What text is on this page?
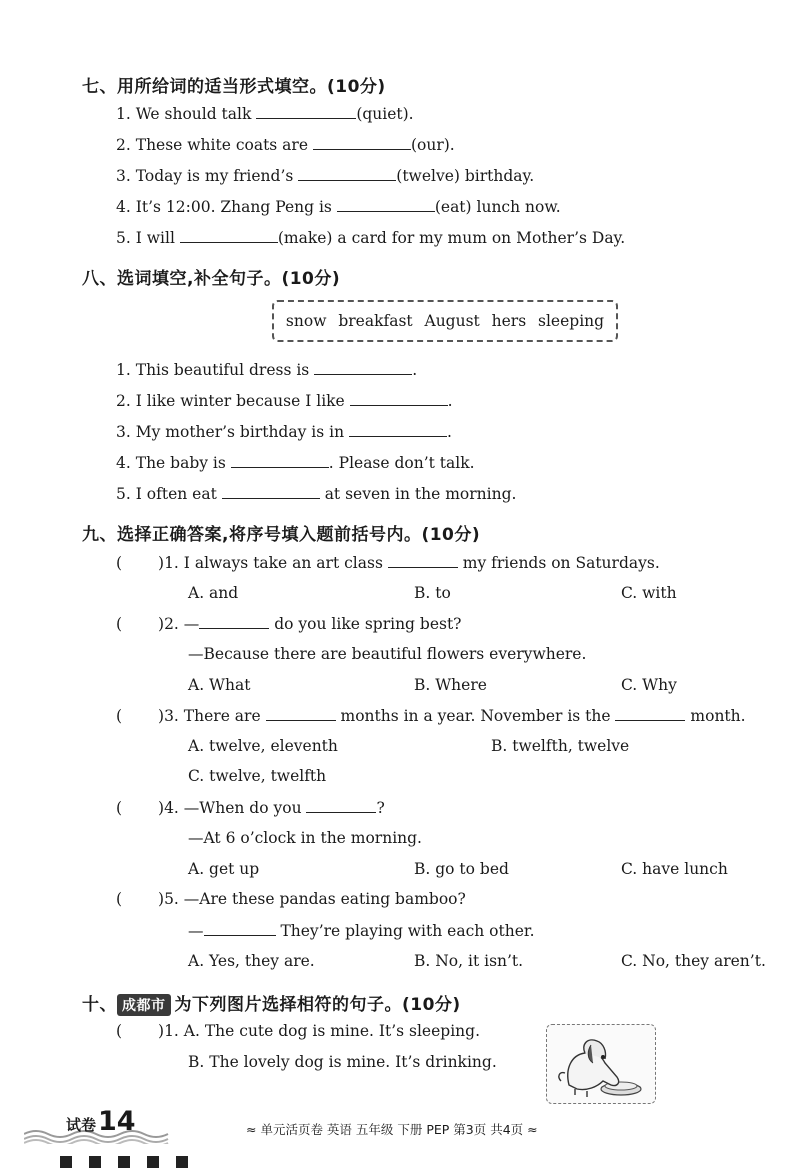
七、用所给词的适当形式填空。(10分)
1. We should talk	(quiet).
2. These white coats are	(our).
3. Today is my friend’s	(twelve) birthday.
4. It’s 12:00. Zhang Peng is	(eat) lunch now.
5. I will	(make) a card for my mum on Mother’s Day.
八、选词填空,补全句子。(10分)
snow breakfast August hers sleeping
1. This beautiful dress is	.
2. I like winter because I like	.
3. My mother’s birthday is in	.
4. The baby is	. Please don’t talk.
5. I often eat	at seven in the morning.
九、选择正确答案,将序号填入题前括号内。(10分)
( )1. I always take an art class	my friends on Saturdays.
A. and	B. to	C. with
( )2. —	do you like spring best?
—Because there are beautiful flowers everywhere.
A. What	B. Where	C. Why
( )3. There are	months in a year. November is the	month.
A. twelve, eleventh	B. twelfth, twelve
C. twelve, twelfth
( )4. —When do you	?
—At 6 o’clock in the morning.
A. get up	B. go to bed	C. have lunch
( )5. —Are these pandas eating bamboo?
—	They’re playing with each other.
A. Yes, they are.	B. No, it isn’t.	C. No, they aren’t.
十、 成都市 为下列图片选择相符的句子。(10分)
( )1. A. The cute dog is mine. It’s sleeping.
B. The lovely dog is mine. It’s drinking.
试卷 14	≈ 单元活页卷 英语 五年级 下册 PEP 第3页 共4页 ≈
